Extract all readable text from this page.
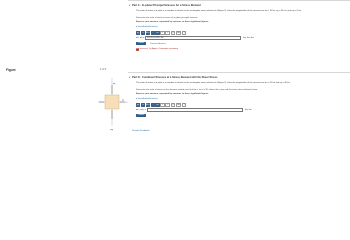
Figure	1 of 1
σy
σx
x
τxy
▾ Part C - In-plane Principal Stresses for a Stress Element
The state of stress at a point in a member is shown on the rectangular stress element in (Figure 1). Here the magnitudes of the stresses are σx = 70 ksi, σy = 30 ksi, and τxy = 0 ksi.
Determine the state of stress in terms of in-plane principal stresses.
Express your answers, separated by commas, to three significant figures.
▸ View Available Hint(s)
▣	√x	ΑΣφ	↓↑	vec	↶	↷	↺	⌨	?
σ1, σ2 =	29.76,15.28,7.56	ksi, ksi, ksi
Submit	Previous Answers
✕ Incorrect; Try Again; 4 attempts remaining
▾ Part D - Combined Stresses at a Stress Element with No Shear Stress
The state of stress at a point in a member is shown on the rectangular stress element in (Figure 1). Here the magnitudes of the stresses are σx = 20 ksi and σy = 40 ksi.
Determine the state of stress on the element rotated such that the x' axis is 30° above the x axis and the shear stress between them.
Express your answers, separated by commas, to three significant figures.
▸ View Available Hint(s)
▣	√x	ΑΣφ	↓↑	vec	↶	↷	↺	⌨	?
σx', τx'y' =	ksi, ksi
Submit
Provide Feedback
